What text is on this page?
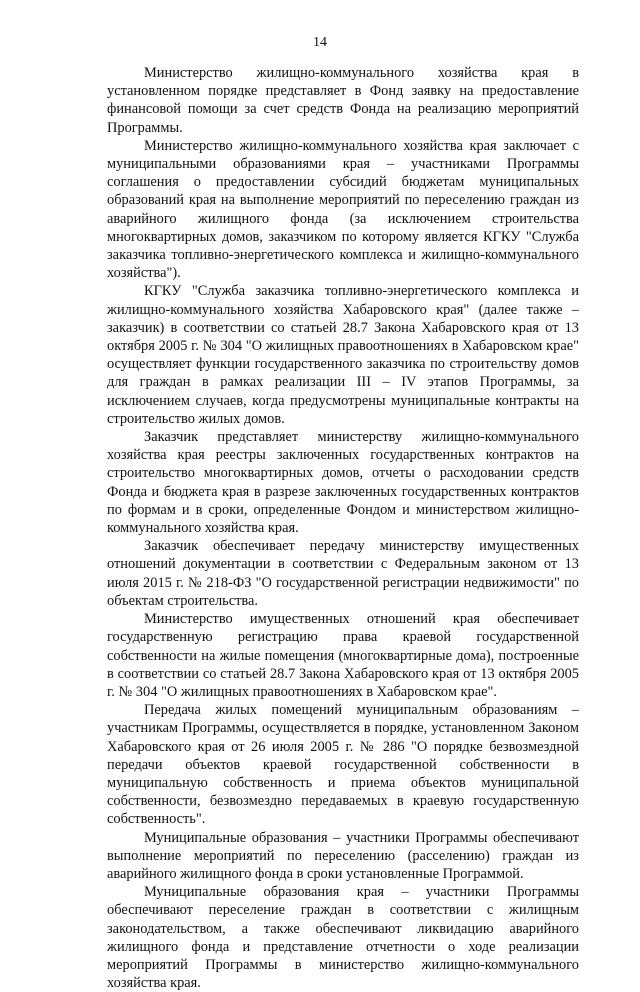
14

Министерство жилищно-коммунального хозяйства края в установленном порядке представляет в Фонд заявку на предоставление финансовой помощи за счет средств Фонда на реализацию мероприятий Программы.

Министерство жилищно-коммунального хозяйства края заключает с муниципальными образованиями края – участниками Программы соглашения о предоставлении субсидий бюджетам муниципальных образований края на выполнение мероприятий по переселению граждан из аварийного жилищного фонда (за исключением строительства многоквартирных домов, заказчиком по которому является КГКУ "Служба заказчика топливно-энергетического комплекса и жилищно-коммунального хозяйства").

КГКУ "Служба заказчика топливно-энергетического комплекса и жилищно-коммунального хозяйства Хабаровского края" (далее также – заказчик) в соответствии со статьей 28.7 Закона Хабаровского края от 13 октября 2005 г. № 304 "О жилищных правоотношениях в Хабаровском крае" осуществляет функции государственного заказчика по строительству домов для граждан в рамках реализации III – IV этапов Программы, за исключением случаев, когда предусмотрены муниципальные контракты на строительство жилых домов.

Заказчик представляет министерству жилищно-коммунального хозяйства края реестры заключенных государственных контрактов на строительство многоквартирных домов, отчеты о расходовании средств Фонда и бюджета края в разрезе заключенных государственных контрактов по формам и в сроки, определенные Фондом и министерством жилищно-коммунального хозяйства края.

Заказчик обеспечивает передачу министерству имущественных отношений документации в соответствии с Федеральным законом от 13 июля 2015 г. № 218-ФЗ "О государственной регистрации недвижимости" по объектам строительства.

Министерство имущественных отношений края обеспечивает государственную регистрацию права краевой государственной собственности на жилые помещения (многоквартирные дома), построенные в соответствии со статьей 28.7 Закона Хабаровского края от 13 октября 2005 г. № 304 "О жилищных правоотношениях в Хабаровском крае".

Передача жилых помещений муниципальным образованиям – участникам Программы, осуществляется в порядке, установленном Законом Хабаровского края от 26 июля 2005 г. № 286 "О порядке безвозмездной передачи объектов краевой государственной собственности в муниципальную собственность и приема объектов муниципальной собственности, безвозмездно передаваемых в краевую государственную собственность".

Муниципальные образования – участники Программы обеспечивают выполнение мероприятий по переселению (расселению) граждан из аварийного жилищного фонда в сроки установленные Программой.

Муниципальные образования края – участники Программы обеспечивают переселение граждан в соответствии с жилищным законодательством, а также обеспечивают ликвидацию аварийного жилищного фонда и представление отчетности о ходе реализации мероприятий Программы в министерство жилищно-коммунального хозяйства края.
